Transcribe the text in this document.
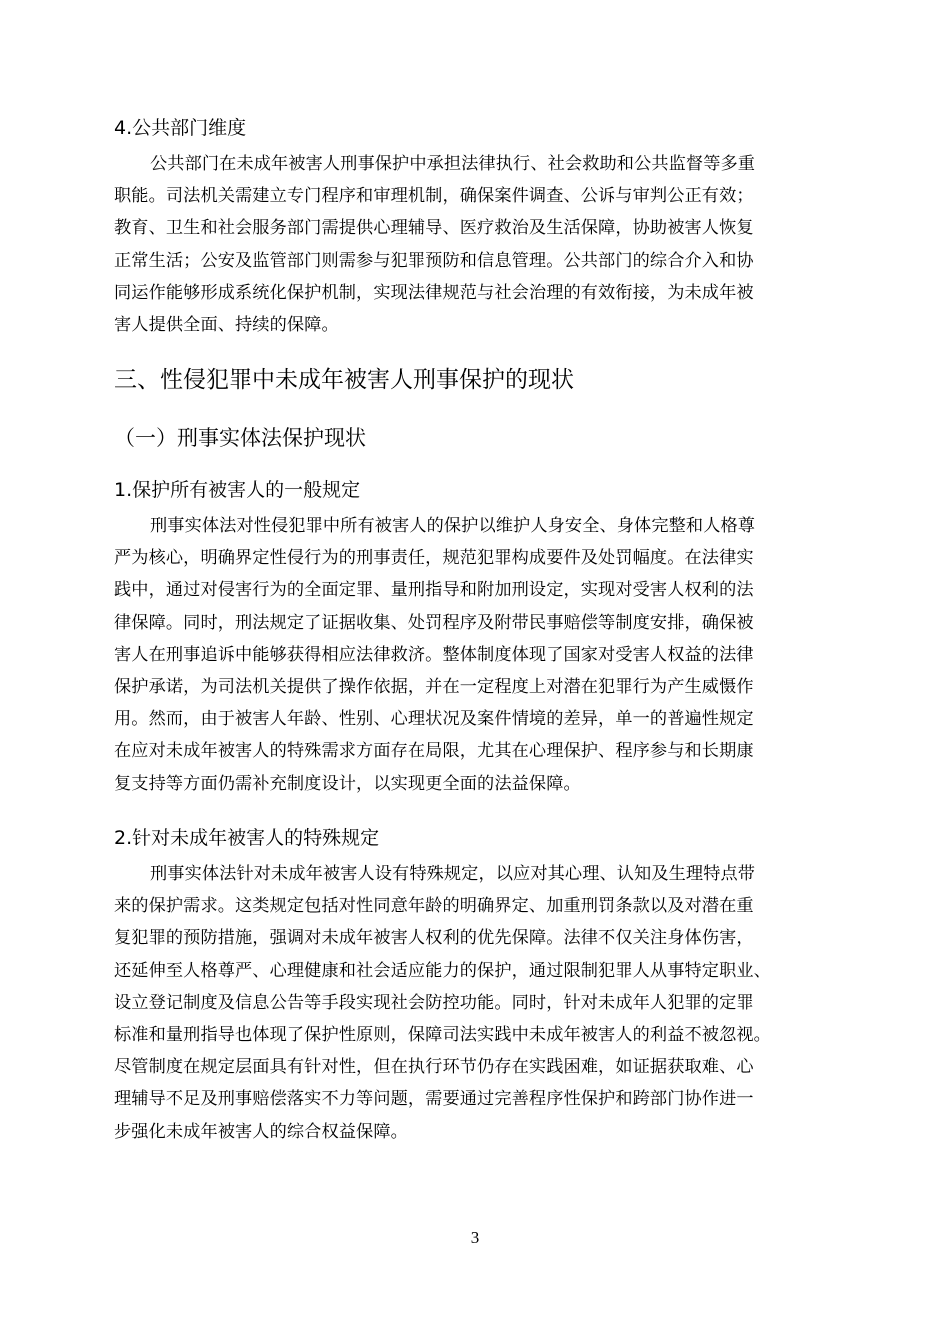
4.公共部门维度
公共部门在未成年被害人刑事保护中承担法律执行、社会救助和公共监督等多重
职能。司法机关需建立专门程序和审理机制，确保案件调查、公诉与审判公正有效；
教育、卫生和社会服务部门需提供心理辅导、医疗救治及生活保障，协助被害人恢复
正常生活；公安及监管部门则需参与犯罪预防和信息管理。公共部门的综合介入和协
同运作能够形成系统化保护机制，实现法律规范与社会治理的有效衔接，为未成年被
害人提供全面、持续的保障。
三、性侵犯罪中未成年被害人刑事保护的现状
（一）刑事实体法保护现状
1.保护所有被害人的一般规定
刑事实体法对性侵犯罪中所有被害人的保护以维护人身安全、身体完整和人格尊
严为核心，明确界定性侵行为的刑事责任，规范犯罪构成要件及处罚幅度。在法律实
践中，通过对侵害行为的全面定罪、量刑指导和附加刑设定，实现对受害人权利的法
律保障。同时，刑法规定了证据收集、处罚程序及附带民事赔偿等制度安排，确保被
害人在刑事追诉中能够获得相应法律救济。整体制度体现了国家对受害人权益的法律
保护承诺，为司法机关提供了操作依据，并在一定程度上对潜在犯罪行为产生威慑作
用。然而，由于被害人年龄、性别、心理状况及案件情境的差异，单一的普遍性规定
在应对未成年被害人的特殊需求方面存在局限，尤其在心理保护、程序参与和长期康
复支持等方面仍需补充制度设计，以实现更全面的法益保障。
2.针对未成年被害人的特殊规定
刑事实体法针对未成年被害人设有特殊规定，以应对其心理、认知及生理特点带
来的保护需求。这类规定包括对性同意年龄的明确界定、加重刑罚条款以及对潜在重
复犯罪的预防措施，强调对未成年被害人权利的优先保障。法律不仅关注身体伤害，
还延伸至人格尊严、心理健康和社会适应能力的保护，通过限制犯罪人从事特定职业、
设立登记制度及信息公告等手段实现社会防控功能。同时，针对未成年人犯罪的定罪
标准和量刑指导也体现了保护性原则，保障司法实践中未成年被害人的利益不被忽视。
尽管制度在规定层面具有针对性，但在执行环节仍存在实践困难，如证据获取难、心
理辅导不足及刑事赔偿落实不力等问题，需要通过完善程序性保护和跨部门协作进一
步强化未成年被害人的综合权益保障。
3
